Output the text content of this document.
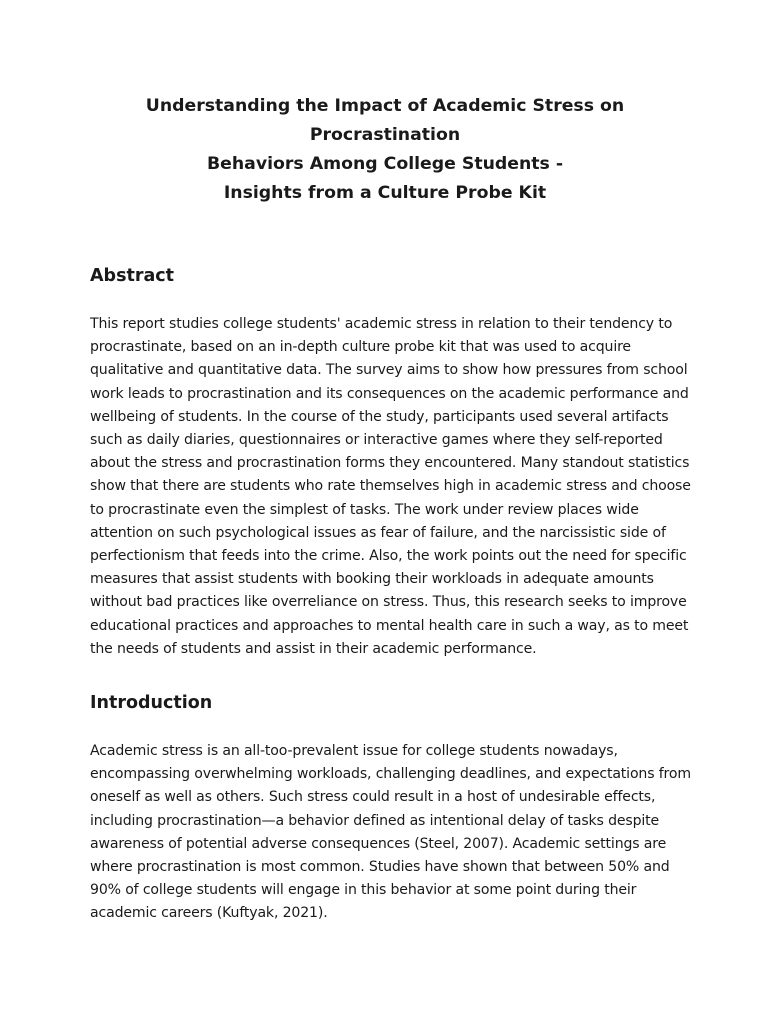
Understanding the Impact of Academic Stress on Procrastination
Behaviors Among College Students -
Insights from a Culture Probe Kit
Abstract

This report studies college students' academic stress in relation to their tendency to
procrastinate, based on an in-depth culture probe kit that was used to acquire
qualitative and quantitative data. The survey aims to show how pressures from school
work leads to procrastination and its consequences on the academic performance and
wellbeing of students. In the course of the study, participants used several artifacts
such as daily diaries, questionnaires or interactive games where they self-reported
about the stress and procrastination forms they encountered. Many standout statistics
show that there are students who rate themselves high in academic stress and choose
to procrastinate even the simplest of tasks. The work under review places wide
attention on such psychological issues as fear of failure, and the narcissistic side of
perfectionism that feeds into the crime. Also, the work points out the need for specific
measures that assist students with booking their workloads in adequate amounts
without bad practices like overreliance on stress. Thus, this research seeks to improve
educational practices and approaches to mental health care in such a way, as to meet
the needs of students and assist in their academic performance.

Introduction

Academic stress is an all-too-prevalent issue for college students nowadays,
encompassing overwhelming workloads, challenging deadlines, and expectations from
oneself as well as others. Such stress could result in a host of undesirable effects,
including procrastination—a behavior defined as intentional delay of tasks despite
awareness of potential adverse consequences (Steel, 2007). Academic settings are
where procrastination is most common. Studies have shown that between 50% and
90% of college students will engage in this behavior at some point during their
academic careers (Kuftyak, 2021).
